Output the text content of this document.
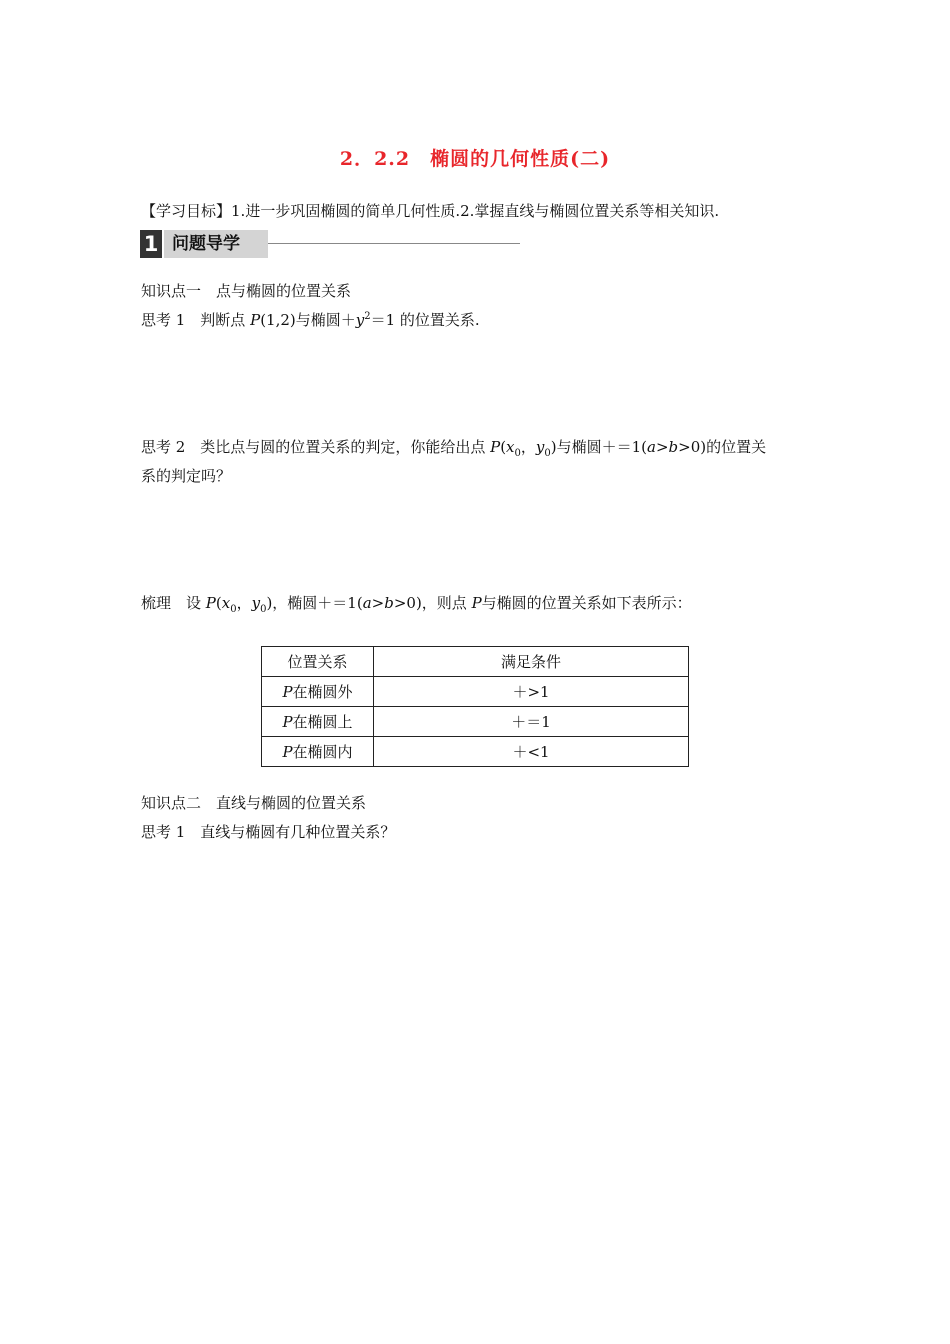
2．2.2　椭圆的几何性质(二)
【学习目标】1.进一步巩固椭圆的简单几何性质.2.掌握直线与椭圆位置关系等相关知识.
1 问题导学
知识点一　点与椭圆的位置关系
思考 1　判断点 P(1,2)与椭圆$+y^2=1$ 的位置关系.
思考 2　类比点与圆的位置关系的判定，你能给出点 $P(x_0$，$y_0$)与椭圆＋＝1(a>b>0)的位置关
系的判定吗？
梳理　设 $P(x_0$，$y_0$)，椭圆＋＝1(a>b>0)，则点 P与椭圆的位置关系如下表所示：
位置关系	满足条件
P在椭圆外	＋>1
P在椭圆上	＋＝1
P在椭圆内	＋<1
知识点二　直线与椭圆的位置关系
思考 1　直线与椭圆有几种位置关系？
